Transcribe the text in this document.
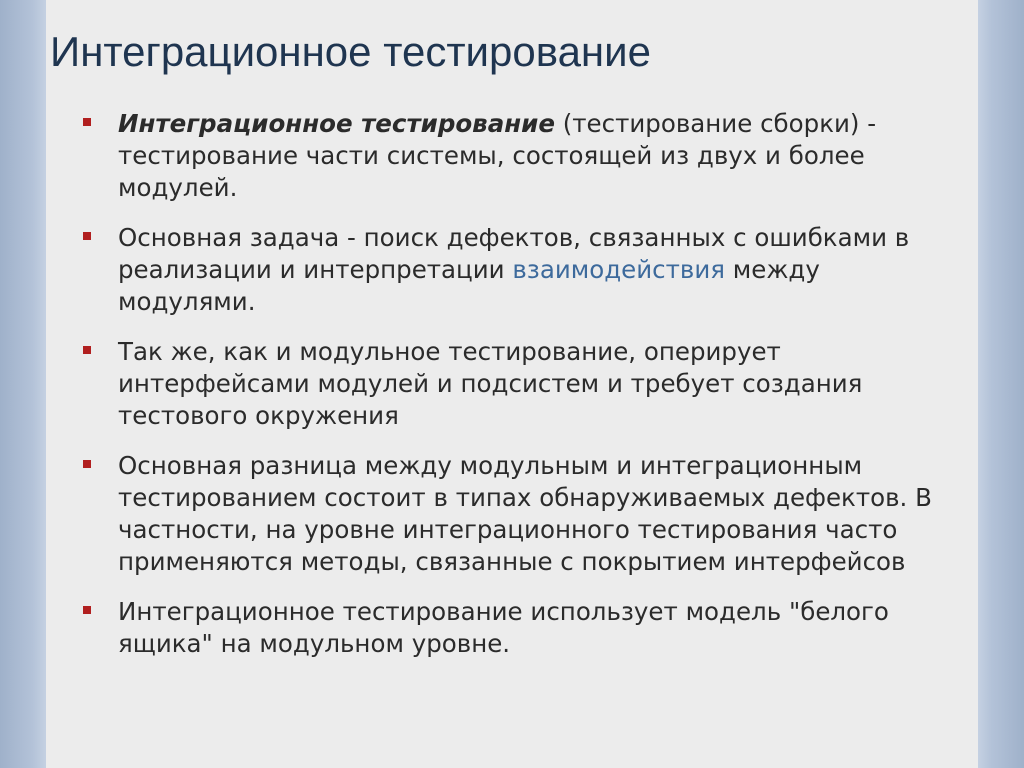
Интеграционное тестирование
Интеграционное тестирование (тестирование сборки) - тестирование части системы, состоящей из двух и более модулей.
Основная задача - поиск дефектов, связанных с ошибками в реализации и интерпретации взаимодействия между модулями.
Так же, как и модульное тестирование, оперирует интерфейсами модулей и подсистем и требует создания тестового окружения
Основная разница между модульным и интеграционным тестированием состоит в типах обнаруживаемых дефектов. В частности, на уровне интеграционного тестирования часто применяются методы, связанные с покрытием интерфейсов
Интеграционное тестирование использует модель "белого ящика" на модульном уровне.
